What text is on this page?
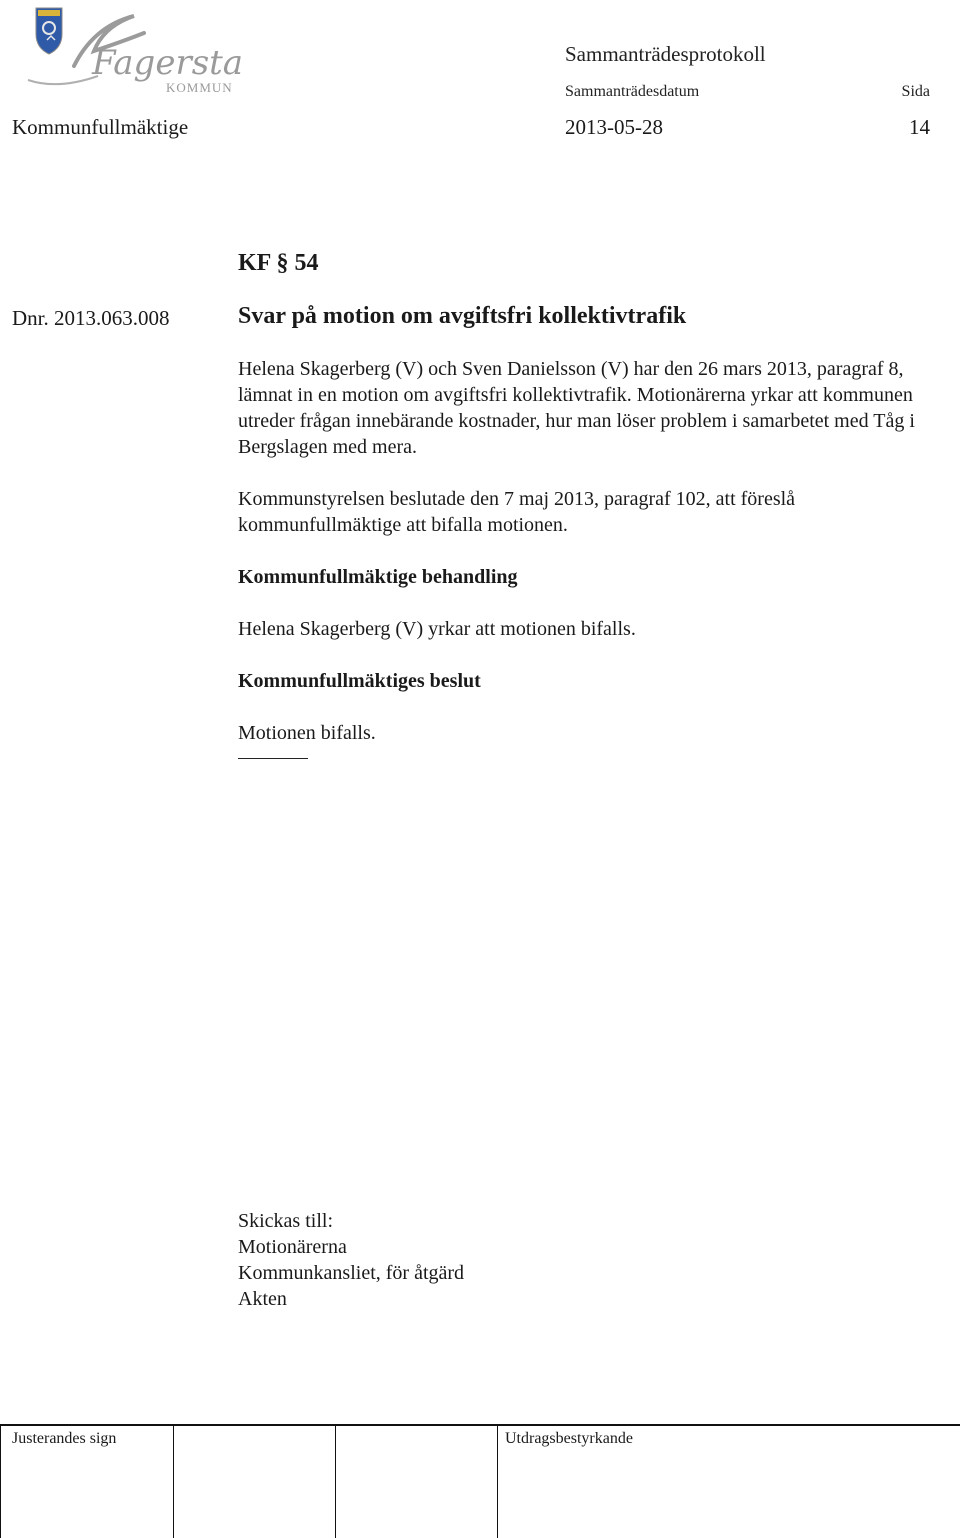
Fagersta
KOMMUN
Sammanträdesprotokoll
Sammanträdesdatum	Sida
Kommunfullmäktige	2013-05-28	14
KF § 54
Dnr. 2013.063.008	Svar på motion om avgiftsfri kollektivtrafik

Helena Skagerberg (V) och Sven Danielsson (V) har den 26 mars 2013, paragraf 8, lämnat in en motion om avgiftsfri kollektivtrafik. Motionärerna yrkar att kommunen utreder frågan innebärande kostnader, hur man löser problem i samarbetet med Tåg i Bergslagen med mera.

Kommunstyrelsen beslutade den 7 maj 2013, paragraf 102, att föreslå kommunfullmäktige att bifalla motionen.

Kommunfullmäktige behandling

Helena Skagerberg (V) yrkar att motionen bifalls.

Kommunfullmäktiges beslut

Motionen bifalls.

Skickas till:
Motionärerna
Kommunkansliet, för åtgärd
Akten
Justerandes sign	Utdragsbestyrkande
